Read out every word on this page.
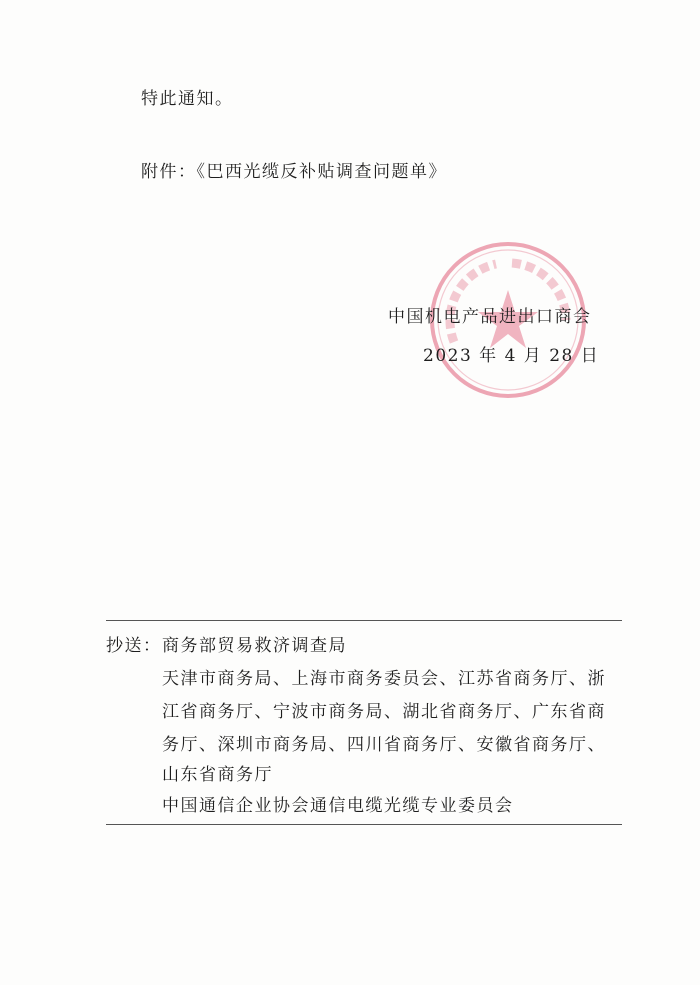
特此通知。
附件：《巴西光缆反补贴调查问题单》
中国机电产品进出口商会
2023 年 4 月 28 日
抄送： 商务部贸易救济调查局
天津市商务局、上海市商务委员会、江苏省商务厅、浙
江省商务厅、宁波市商务局、湖北省商务厅、广东省商
务厅、深圳市商务局、四川省商务厅、安徽省商务厅、
山东省商务厅
中国通信企业协会通信电缆光缆专业委员会
